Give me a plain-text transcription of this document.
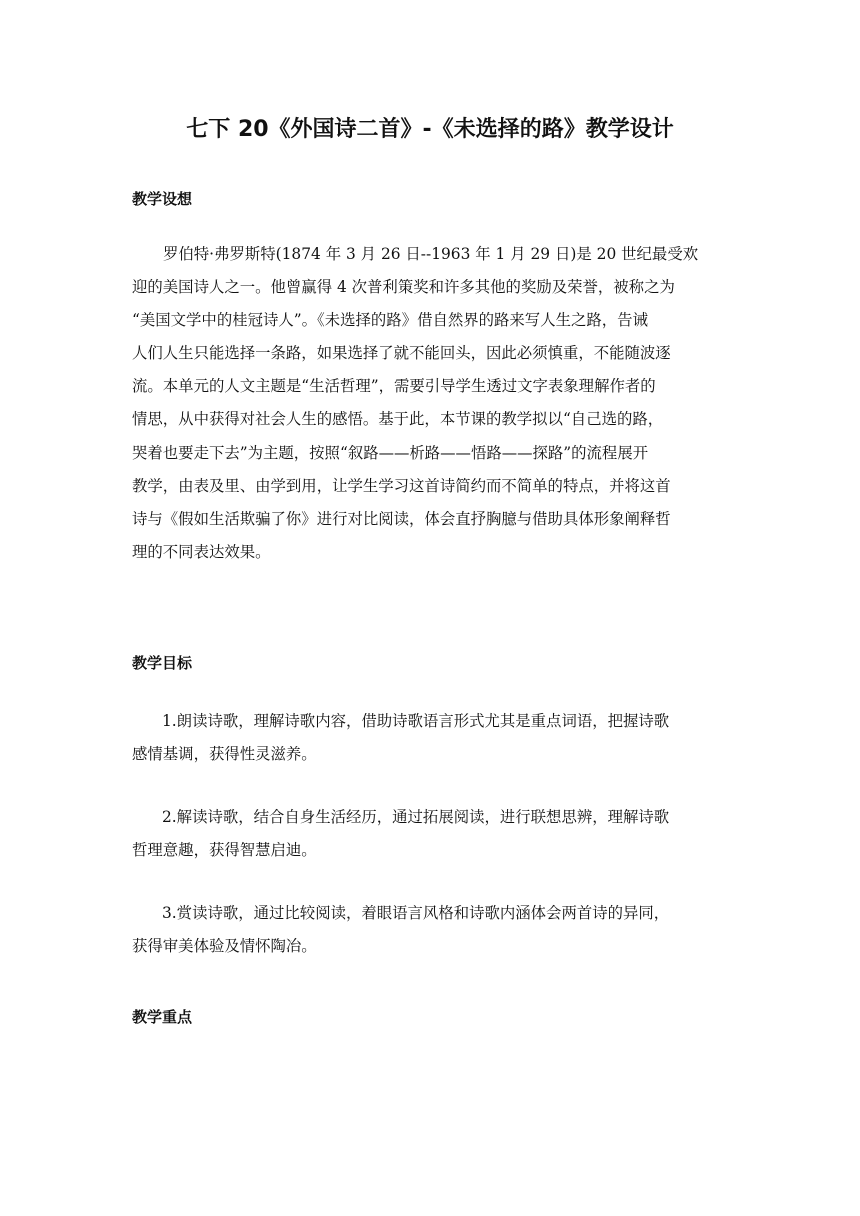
七下 20《外国诗二首》-《未选择的路》教学设计
教学设想
罗伯特·弗罗斯特(1874 年 3 月 26 日--1963 年 1 月 29 日)是 20 世纪最受欢
迎的美国诗人之一。他曾赢得 4 次普利策奖和许多其他的奖励及荣誉，被称之为
“美国文学中的桂冠诗人”。《未选择的路》借自然界的路来写人生之路，告诫
人们人生只能选择一条路，如果选择了就不能回头，因此必须慎重，不能随波逐
流。本单元的人文主题是“生活哲理”，需要引导学生透过文字表象理解作者的
情思，从中获得对社会人生的感悟。基于此，本节课的教学拟以“自己选的路，
哭着也要走下去”为主题，按照“叙路——析路——悟路——探路”的流程展开
教学，由表及里、由学到用，让学生学习这首诗简约而不简单的特点，并将这首
诗与《假如生活欺骗了你》进行对比阅读，体会直抒胸臆与借助具体形象阐释哲
理的不同表达效果。
教学目标
1.朗读诗歌，理解诗歌内容，借助诗歌语言形式尤其是重点词语，把握诗歌
感情基调，获得性灵滋养。
2.解读诗歌，结合自身生活经历，通过拓展阅读，进行联想思辨，理解诗歌
哲理意趣，获得智慧启迪。
3.赏读诗歌，通过比较阅读，着眼语言风格和诗歌内涵体会两首诗的异同，
获得审美体验及情怀陶冶。
教学重点
